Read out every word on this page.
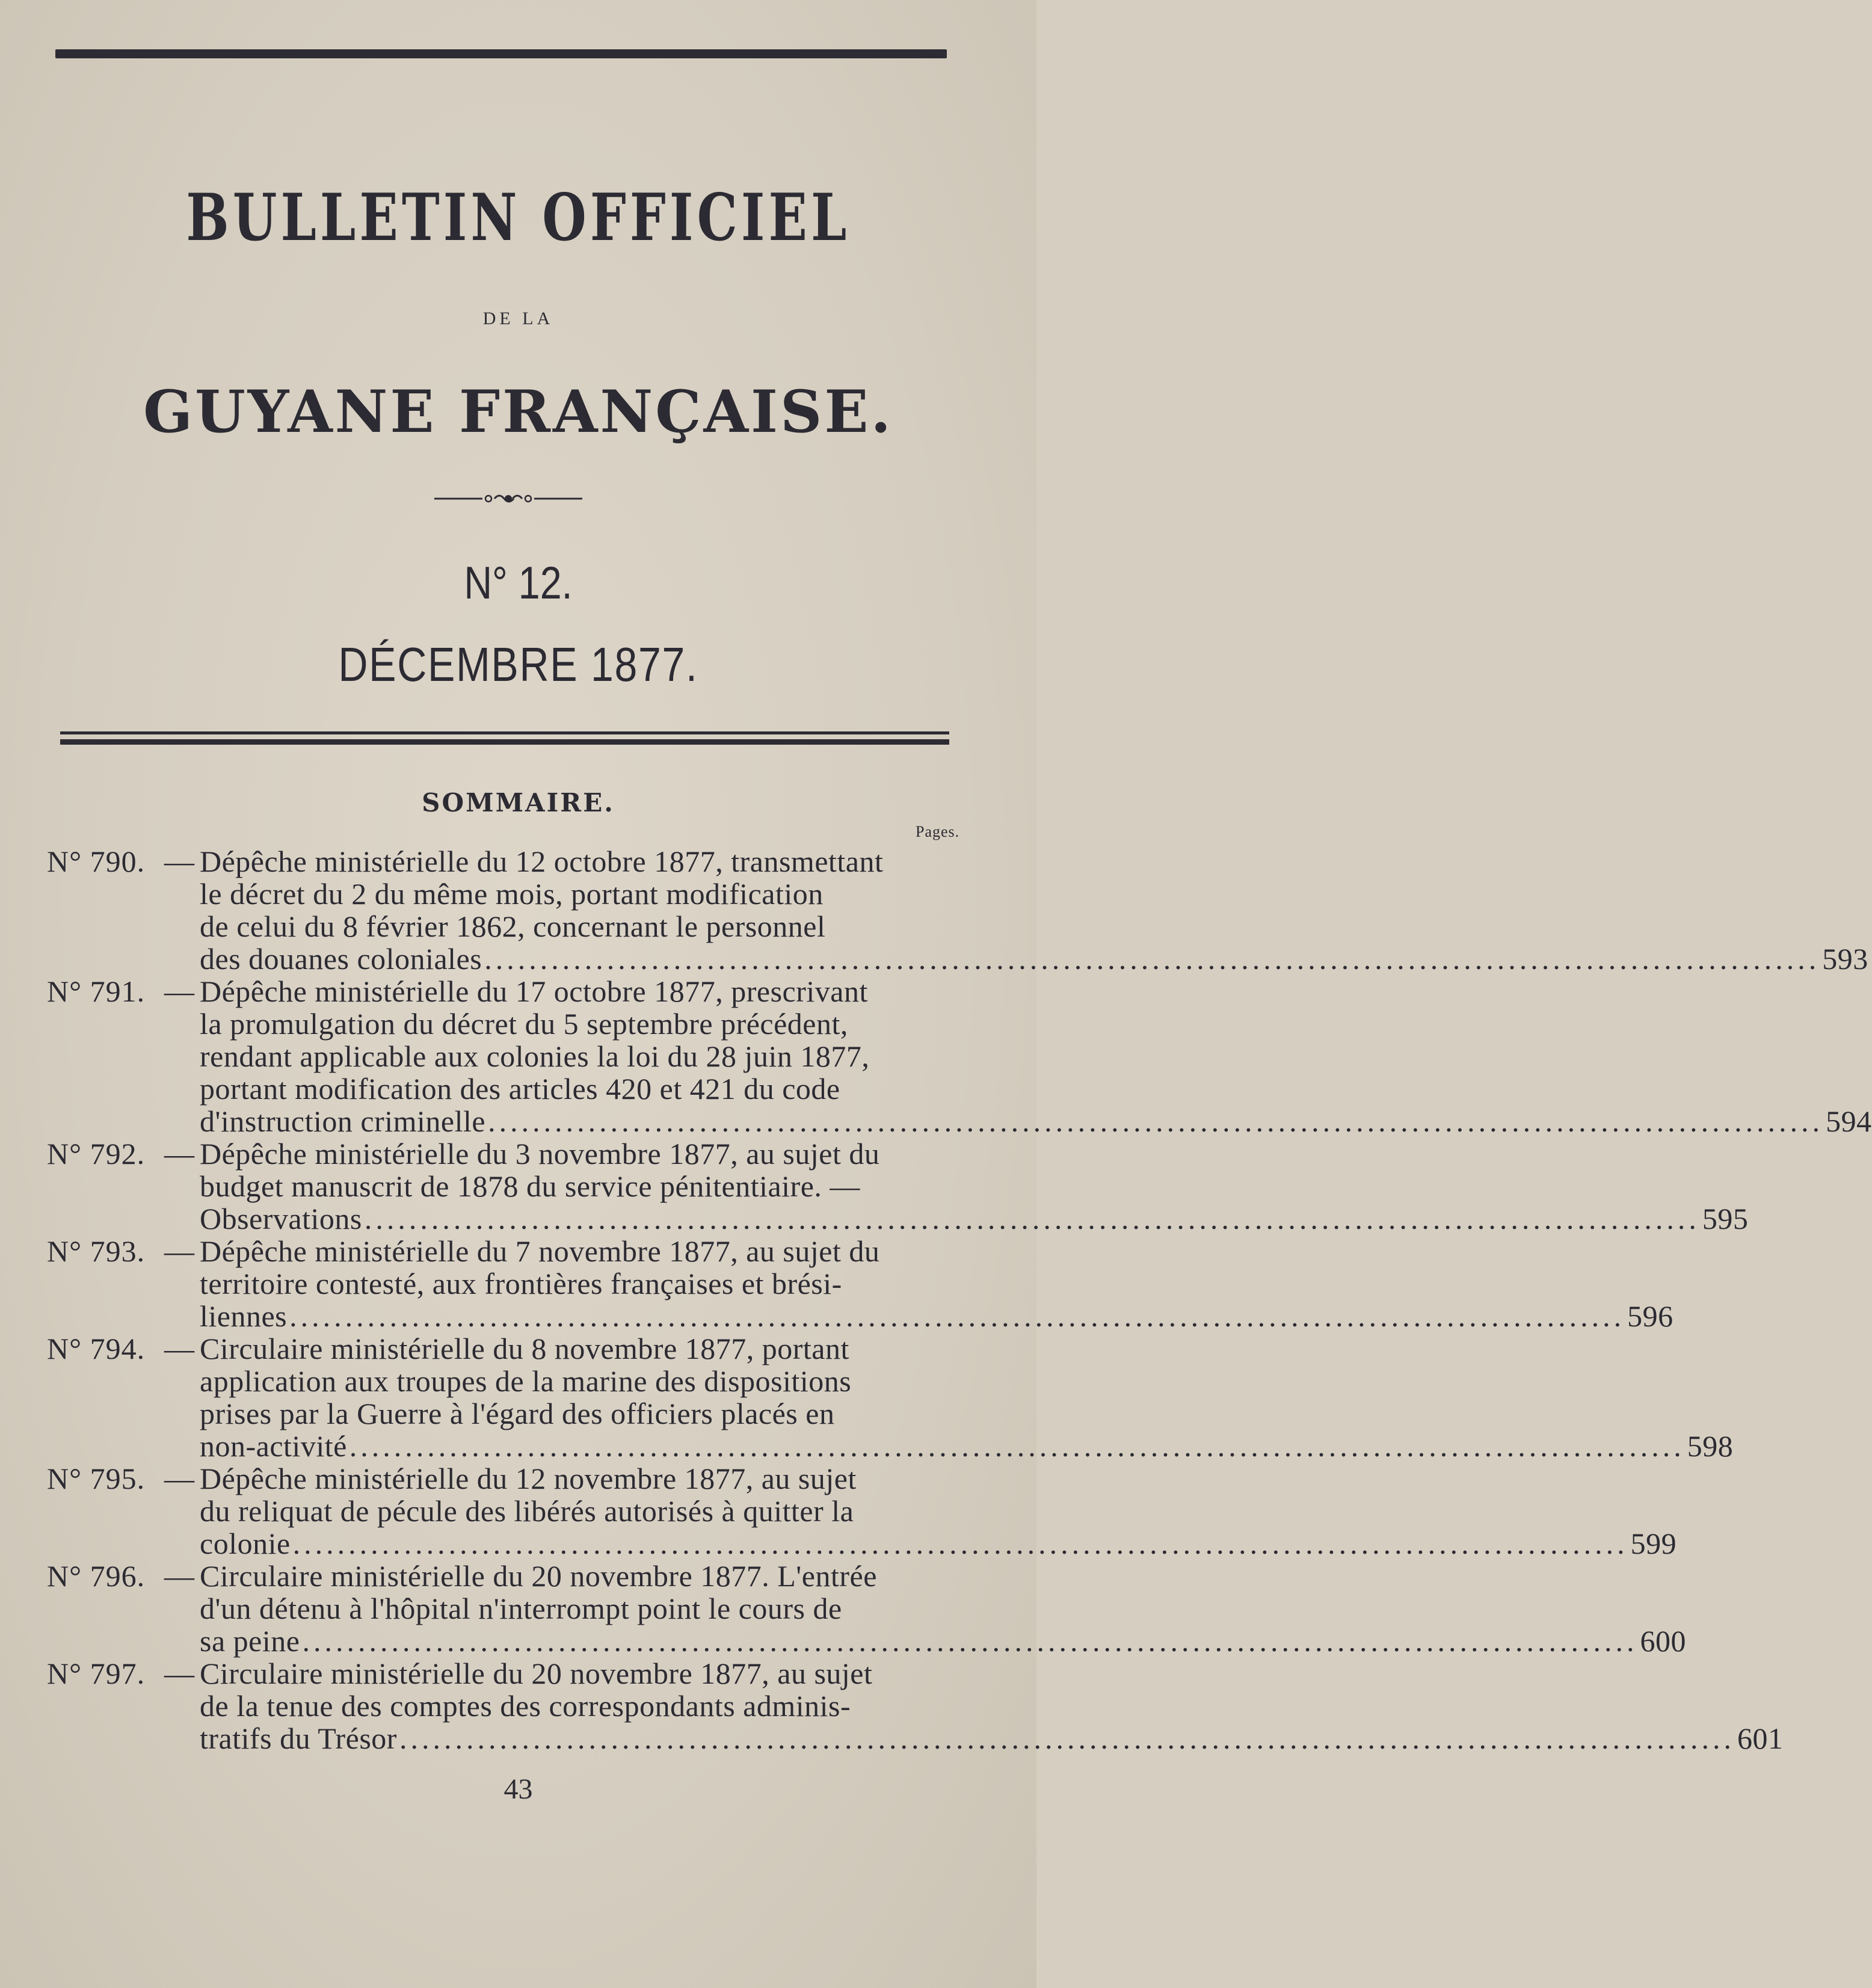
BULLETIN OFFICIEL
DE LA
GUYANE FRANÇAISE.
N° 12.
DÉCEMBRE 1877.
SOMMAIRE.
Pages.
N° 790. — Dépêche ministérielle du 12 octobre 1877, transmettant
le décret du 2 du même mois, portant modification
de celui du 8 février 1862, concernant le personnel
des douanes coloniales ........................................................................................................................ 593
N° 791. — Dépêche ministérielle du 17 octobre 1877, prescrivant
la promulgation du décret du 5 septembre précédent,
rendant applicable aux colonies la loi du 28 juin 1877,
portant modification des articles 420 et 421 du code
d'instruction criminelle ........................................................................................................................ 594
N° 792. — Dépêche ministérielle du 3 novembre 1877, au sujet du
budget manuscrit de 1878 du service pénitentiaire. —
Observations ........................................................................................................................ 595
N° 793. — Dépêche ministérielle du 7 novembre 1877, au sujet du
territoire contesté, aux frontières françaises et brési-
liennes ........................................................................................................................ 596
N° 794. — Circulaire ministérielle du 8 novembre 1877, portant
application aux troupes de la marine des dispositions
prises par la Guerre à l'égard des officiers placés en
non-activité ........................................................................................................................ 598
N° 795. — Dépêche ministérielle du 12 novembre 1877, au sujet
du reliquat de pécule des libérés autorisés à quitter la
colonie ........................................................................................................................ 599
N° 796. — Circulaire ministérielle du 20 novembre 1877. L'entrée
d'un détenu à l'hôpital n'interrompt point le cours de
sa peine ........................................................................................................................ 600
N° 797. — Circulaire ministérielle du 20 novembre 1877, au sujet
de la tenue des comptes des correspondants adminis-
tratifs du Trésor ........................................................................................................................ 601
43
